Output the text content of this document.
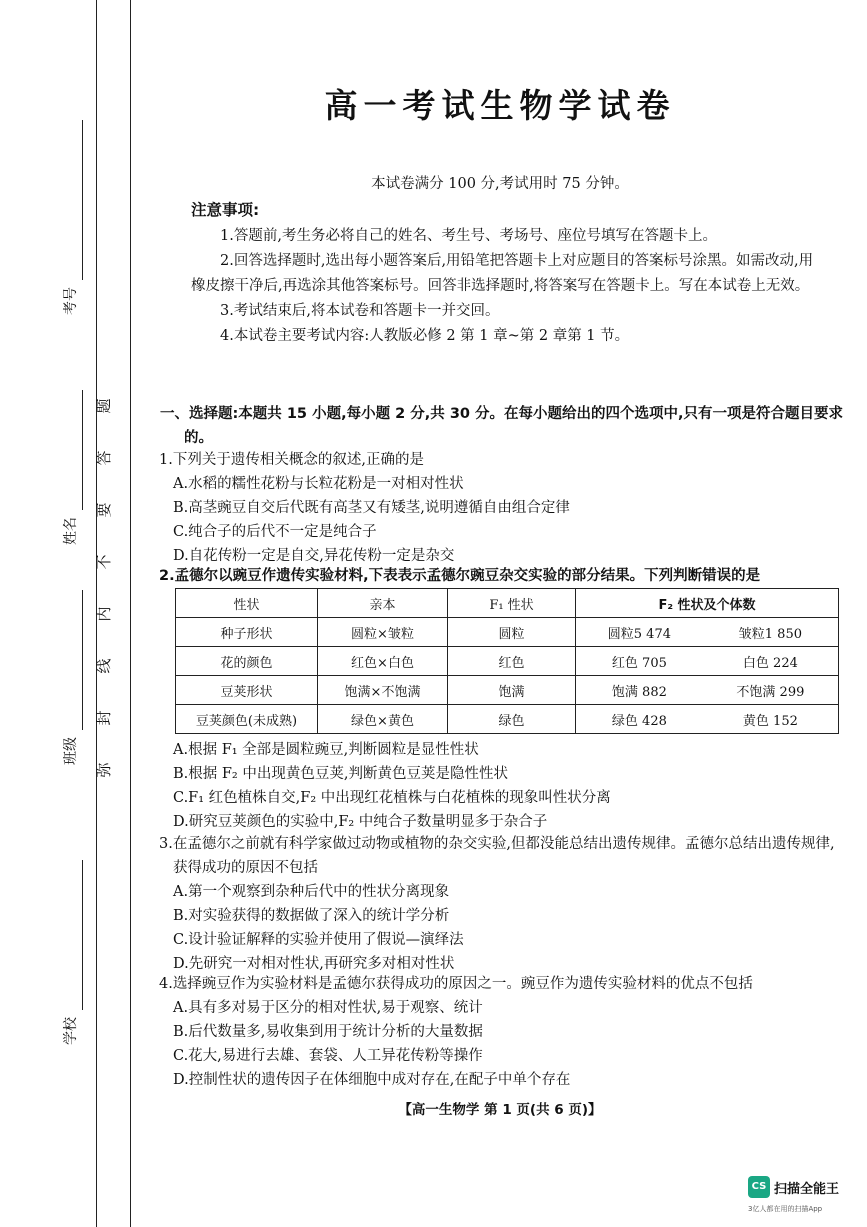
考号
姓名
班级
学校
题
答
要
不
内
线
封
弥
高一考试生物学试卷
本试卷满分 100 分,考试用时 75 分钟。
注意事项:

1.答题前,考生务必将自己的姓名、考生号、考场号、座位号填写在答题卡上。

2.回答选择题时,选出每小题答案后,用铅笔把答题卡上对应题目的答案标号涂黑。如需改动,用橡皮擦干净后,再选涂其他答案标号。回答非选择题时,将答案写在答题卡上。写在本试卷上无效。

3.考试结束后,将本试卷和答题卡一并交回。

4.本试卷主要考试内容:人教版必修 2 第 1 章~第 2 章第 1 节。

一、选择题:本题共 15 小题,每小题 2 分,共 30 分。在每小题给出的四个选项中,只有一项是符合题目要求的。
1.下列关于遗传相关概念的叙述,正确的是
A.水稻的糯性花粉与长粒花粉是一对相对性状
B.高茎豌豆自交后代既有高茎又有矮茎,说明遵循自由组合定律
C.纯合子的后代不一定是纯合子
D.自花传粉一定是自交,异花传粉一定是杂交
2.孟德尔以豌豆作遗传实验材料,下表表示孟德尔豌豆杂交实验的部分结果。下列判断错误的是
性状	亲本	F₁ 性状	F₂ 性状及个体数	
种子形状	圆粒×皱粒	圆粒	圆粒5 474	皱粒1 850
花的颜色	红色×白色	红色	红色 705	白色 224
豆荚形状	饱满×不饱满	饱满	饱满 882	不饱满 299
豆荚颜色(未成熟)	绿色×黄色	绿色	绿色 428	黄色 152
A.根据 F₁ 全部是圆粒豌豆,判断圆粒是显性性状
B.根据 F₂ 中出现黄色豆荚,判断黄色豆荚是隐性性状
C.F₁ 红色植株自交,F₂ 中出现红花植株与白花植株的现象叫性状分离
D.研究豆荚颜色的实验中,F₂ 中纯合子数量明显多于杂合子
3.在孟德尔之前就有科学家做过动物或植物的杂交实验,但都没能总结出遗传规律。孟德尔总结出遗传规律,获得成功的原因不包括
A.第一个观察到杂种后代中的性状分离现象
B.对实验获得的数据做了深入的统计学分析
C.设计验证解释的实验并使用了假说—演绎法
D.先研究一对相对性状,再研究多对相对性状
4.选择豌豆作为实验材料是孟德尔获得成功的原因之一。豌豆作为遗传实验材料的优点不包括
A.具有多对易于区分的相对性状,易于观察、统计
B.后代数量多,易收集到用于统计分析的大量数据
C.花大,易进行去雄、套袋、人工异花传粉等操作
D.控制性状的遗传因子在体细胞中成对存在,在配子中单个存在
【高一生物学 第 1 页(共 6 页)】
CS 扫描全能王
3亿人都在用的扫描App
